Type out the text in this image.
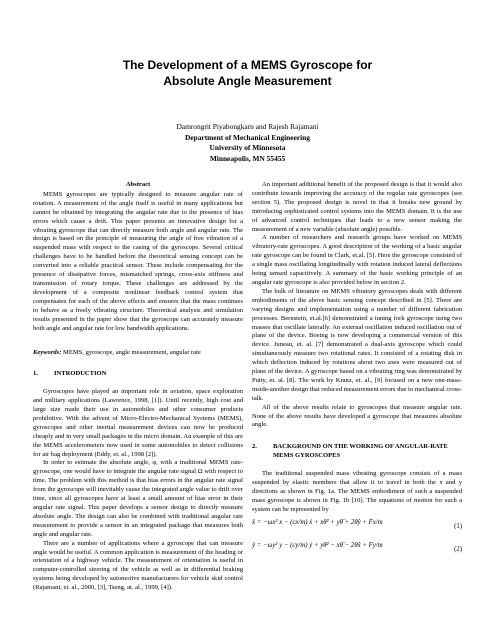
The Development of a MEMS Gyroscope for
Absolute Angle Measurement
Damrongrit Piyabongkarn and Rajesh Rajamani
Department of Mechanical Engineering
University of Minnesota
Minneapolis, MN 55455
Abstract

MEMS gyroscopes are typically designed to measure angular rate of rotation. A measurement of the angle itself is useful in many applications but cannot be obtained by integrating the angular rate due to the presence of bias errors which cause a drift. This paper presents an innovative design for a vibrating gyroscope that can directly measure both angle and angular rate. The design is based on the principle of measuring the angle of free vibration of a suspended mass with respect to the casing of the gyroscope. Several critical challenges have to be handled before the theoretical sensing concept can be converted into a reliable practical sensor. These include compensating for the presence of dissipative forces, mismatched springs, cross-axis stiffness and transmission of rotary torque. These challenges are addressed by the development of a composite nonlinear feedback control system that compensates for each of the above effects and ensures that the mass continues to behave as a freely vibrating structure. Theoretical analysis and simulation results presented in the paper show that the gyroscope can accurately measure both angle and angular rate for low bandwidth applications.

Keywords: MEMS, gyroscope, angle measurement, angular rate

1. INTRODUCTION

Gyroscopes have played an important role in aviation, space exploration and military applications (Lawrence, 1998, [1]). Until recently, high cost and large size made their use in automobiles and other consumer products prohibitive. With the advent of Micro-Electro-Mechanical Systems (MEMS), gyroscopes and other inertial measurement devices can now be produced cheaply and in very small packages in the micro domain. An example of this are the MEMS accelerometers now used in some automobiles to detect collisions for air bag deployment (Eddy, et. al., 1998 [2]).

In order to estimate the absolute angle, φ, with a traditional MEMS rate-gyroscope, one would have to integrate the angular rate signal Ω with respect to time. The problem with this method is that bias errors in the angular rate signal from the gyroscope will inevitably cause the integrated angle value to drift over time, since all gyroscopes have at least a small amount of bias error in their angular rate signal. This paper develops a sensor design to directly measure absolute angle. The design can also be combined with traditional angular rate measurement to provide a sensor in an integrated package that measures both angle and angular rate.

There are a number of applications where a gyroscope that can measure angle would be useful. A common application is measurement of the heading or orientation of a highway vehicle. The measurement of orientation is useful in computer-controlled steering of the vehicle as well as in differential braking systems being developed by automotive manufacturers for vehicle skid control (Rajamani, et. al., 2000, [3], Tseng, at. al., 1999, [4]).

An important additional benefit of the proposed design is that it would also contribute towards improving the accuracy of the regular rate gyroscopes (see section 5). The proposed design is novel in that it breaks new ground by introducing sophisticated control systems into the MEMS domain. It is the use of advanced control techniques that leads to a new sensor making the measurement of a new variable (absolute angle) possible.

A number of researchers and research groups have worked on MEMS vibratory-rate gyroscopes. A good description of the working of a basic angular rate gyroscope can be found in Clark, et.al. [5]. Here the gyroscope consisted of a single mass oscillating longitudinally with rotation induced lateral deflections being sensed capacitively. A summary of the basic working principle of an angular rate gyroscope is also provided below in section 2.

The bulk of literature on MEMS vibratory gyroscopes deals with different embodiments of the above basic sensing concept described in [5]. There are varying designs and implementation using a number of different fabrication processes. Bernstein, et.al.[6] demonstrated a tuning fork gyroscope using two masses that oscillate laterally. An external oscillation induced oscillation out of plane of the device. Boeing is now developing a commercial version of this device. Juneau, et. al. [7] demonstrated a dual-axis gyroscope which could simultaneously measure two rotational rates. It consisted of a rotating disk in which deflection induced by rotations about two axes were measured out of plane of the device. A gyroscope based on a vibrating ring was demonstrated by Putty, et. al. [8]. The work by Kranz, et. al., [9] focused on a new one-mass-inside-another design that reduced measurement errors due to mechanical cross-talk.

All of the above results relate to gyroscopes that measure angular rate. None of the above results have developed a gyroscope that measures absolute angle.

2. BACKGROUND ON THE WORKING OF ANGULAR-RATE MEMS GYROSCOPES

The traditional suspended mass vibrating gyroscope consists of a mass suspended by elastic members that allow it to travel in both the x and y directions as shown in Fig. 1a. The MEMS embodiment of such a suspended mass gyroscope is shown in Fig. 1b [10]. The equations of motion for such a system can be represented by

ẍ = −ωx² x − (cx/m) ẋ + xθ̇² + yθ̈ + 2θ̇ẏ + Fx/m
(1)
ÿ = −ωy² y − (cy/m) ẏ + yθ̇² − xθ̈ − 2θ̇ẋ + Fy/m
(2)
